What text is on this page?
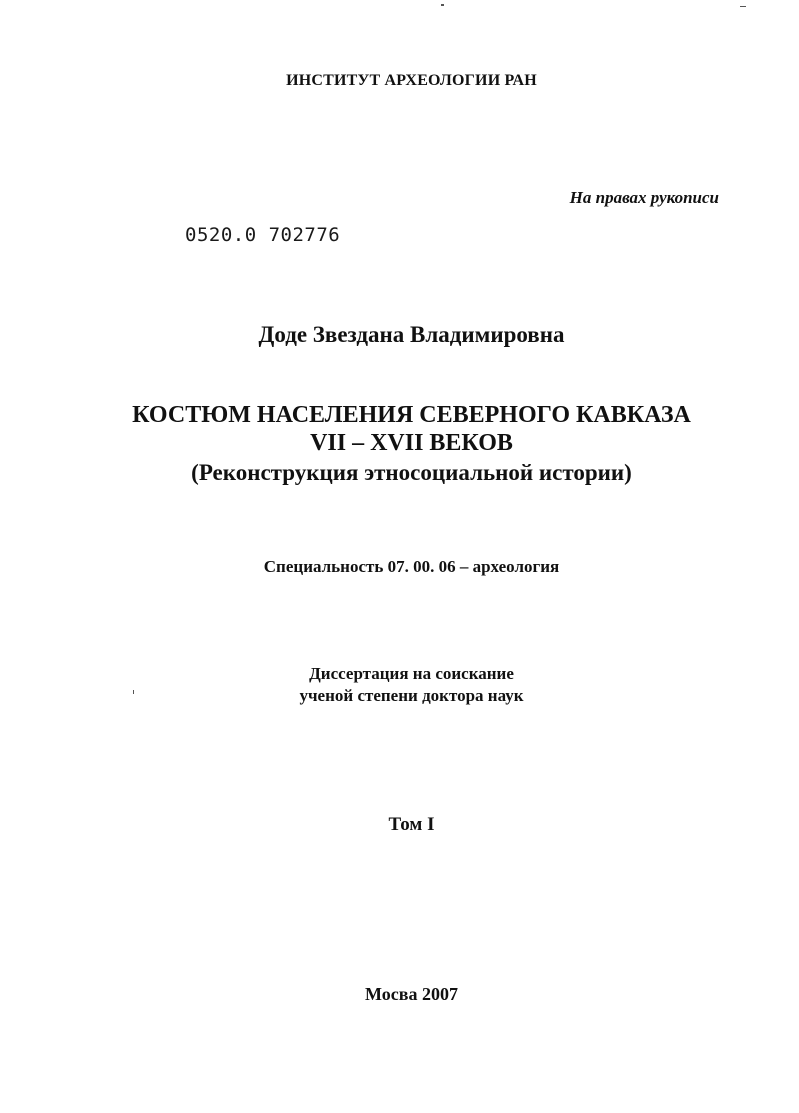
ИНСТИТУТ АРХЕОЛОГИИ РАН
На правах рукописи
0520.0 702776
Доде Звездана Владимировна
КОСТЮМ НАСЕЛЕНИЯ СЕВЕРНОГО КАВКАЗА
VII – XVII ВЕКОВ
(Реконструкция этносоциальной истории)
Специальность 07. 00. 06 – археология
Диссертация на соискание
ученой степени доктора наук
Том I
Мосва 2007
